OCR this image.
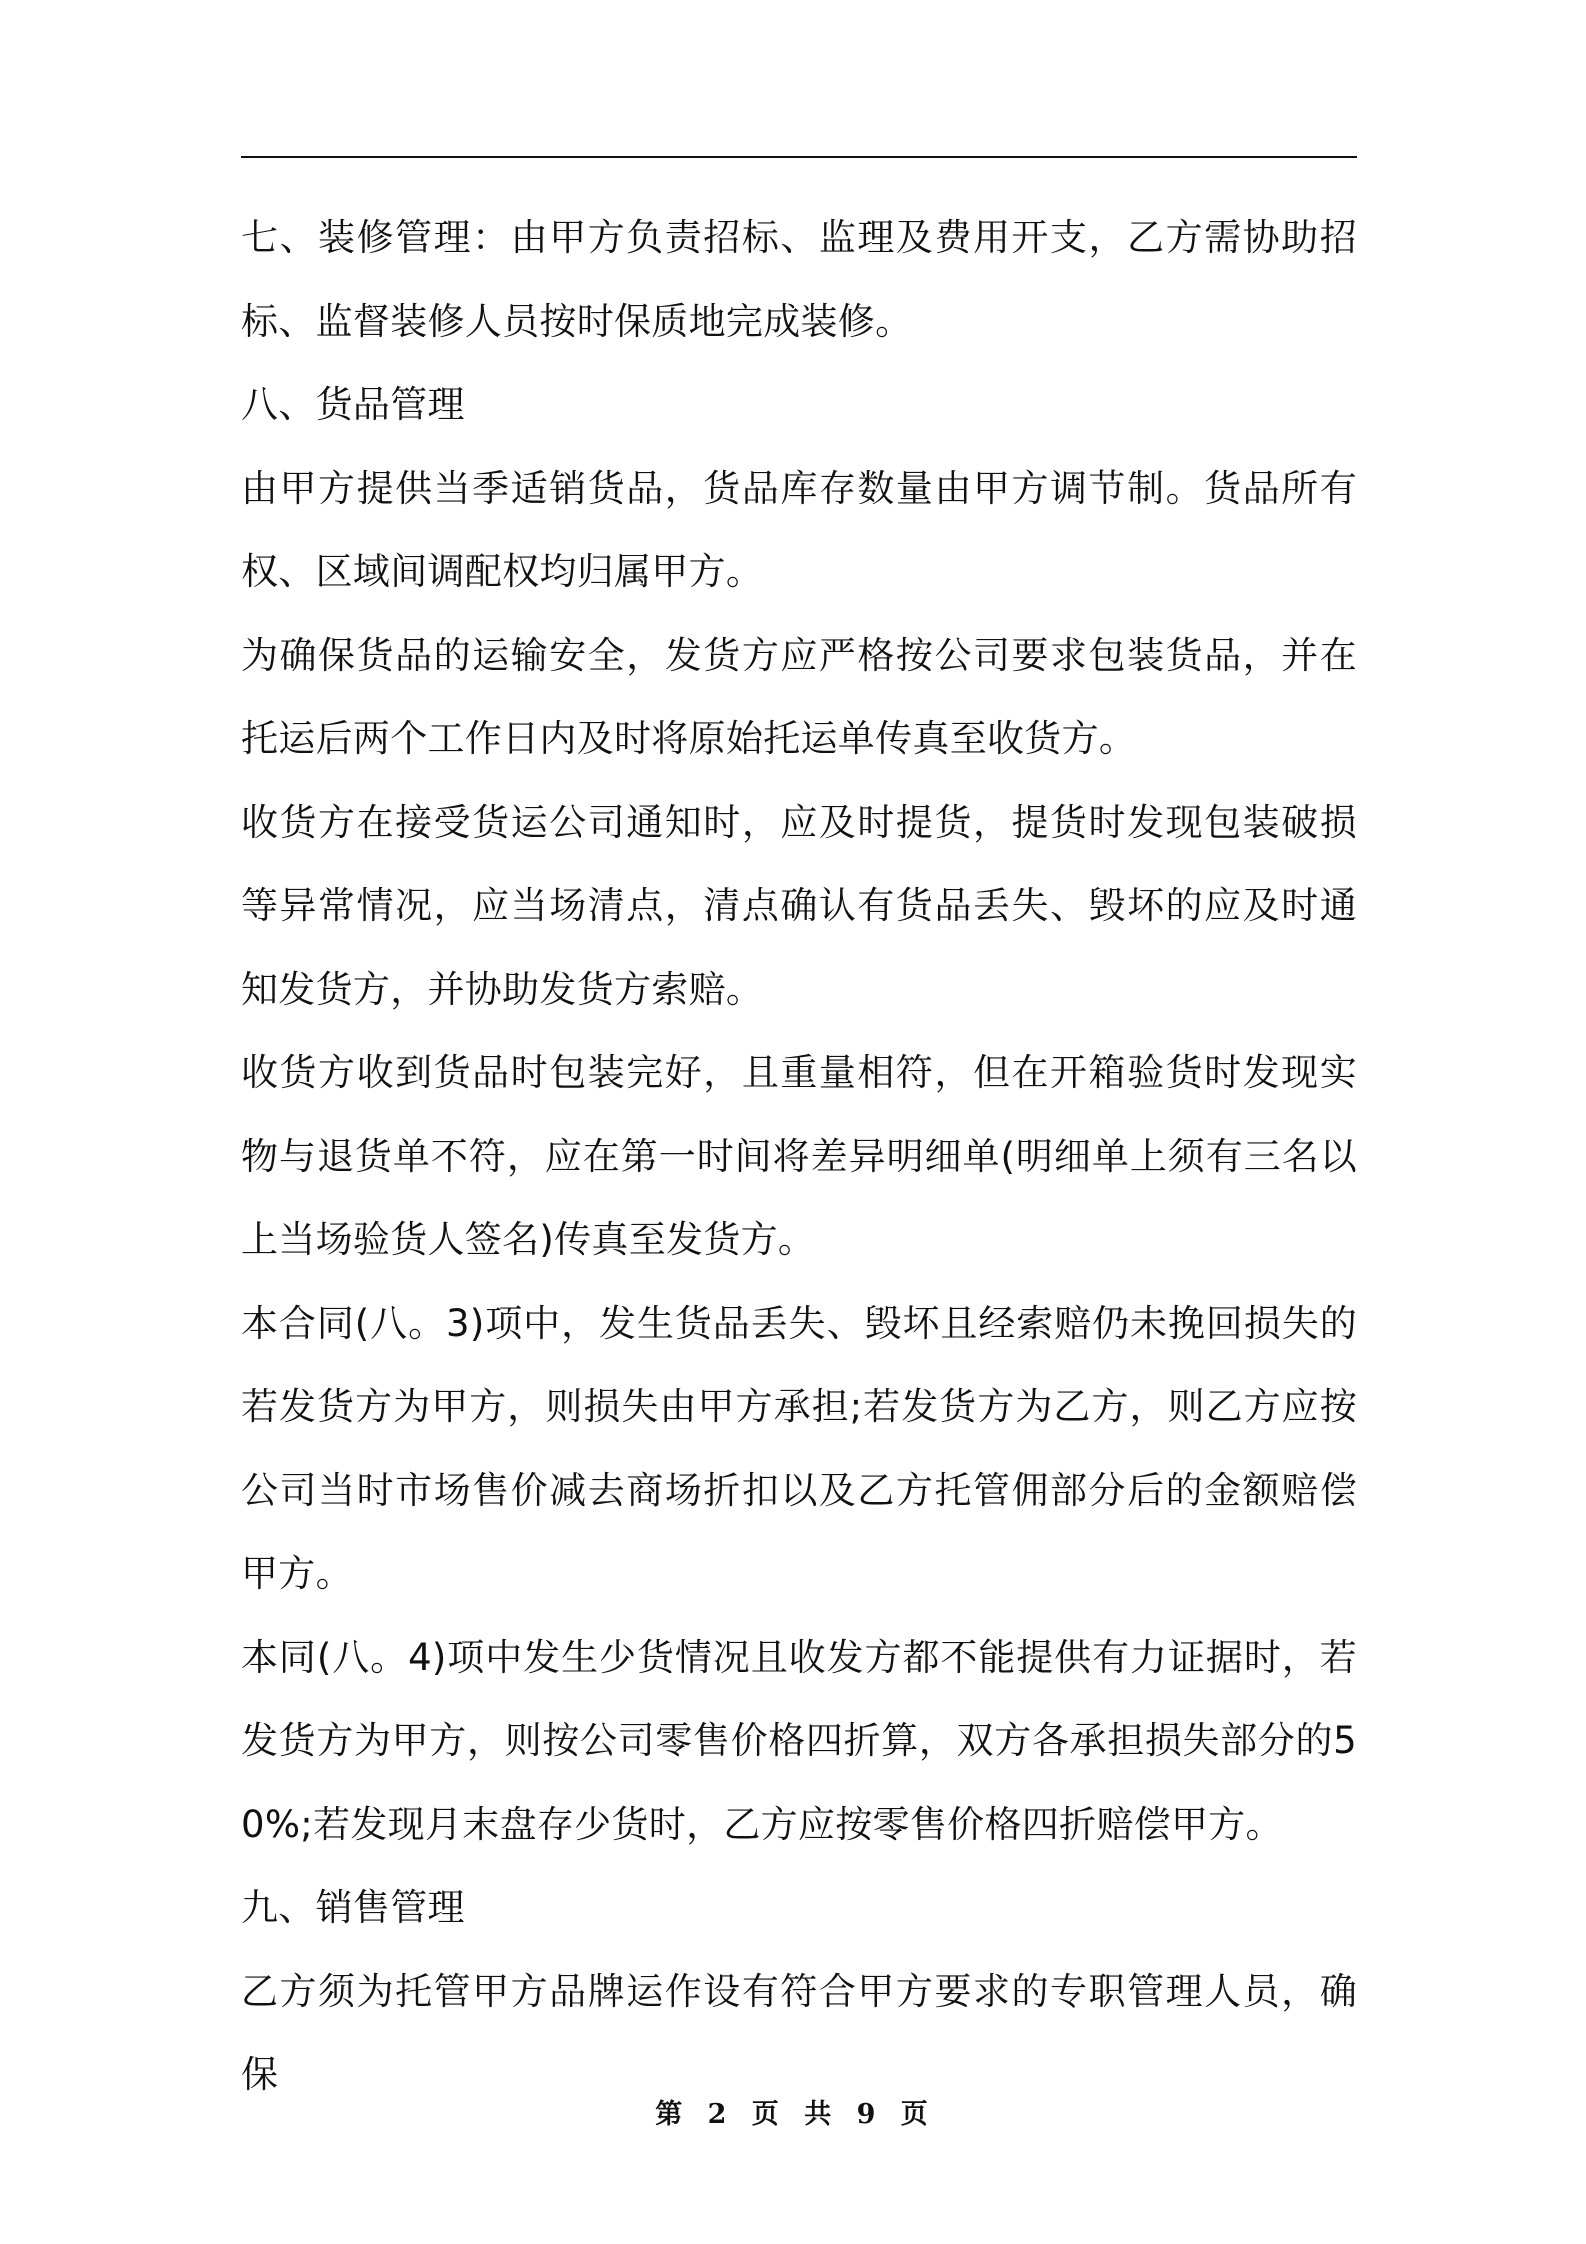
七、装修管理：由甲方负责招标、监理及费用开支，乙方需协助招标、监督装修人员按时保质地完成装修。

八、货品管理

由甲方提供当季适销货品，货品库存数量由甲方调节制。货品所有权、区域间调配权均归属甲方。

为确保货品的运输安全，发货方应严格按公司要求包装货品，并在托运后两个工作日内及时将原始托运单传真至收货方。

收货方在接受货运公司通知时，应及时提货，提货时发现包装破损等异常情况，应当场清点，清点确认有货品丢失、毁坏的应及时通知发货方，并协助发货方索赔。

收货方收到货品时包装完好，且重量相符，但在开箱验货时发现实物与退货单不符，应在第一时间将差异明细单(明细单上须有三名以上当场验货人签名)传真至发货方。

本合同(八。3)项中，发生货品丢失、毁坏且经索赔仍未挽回损失的若发货方为甲方，则损失由甲方承担;若发货方为乙方，则乙方应按公司当时市场售价减去商场折扣以及乙方托管佣部分后的金额赔偿甲方。

本同(八。4)项中发生少货情况且收发方都不能提供有力证据时，若发货方为甲方，则按公司零售价格四折算，双方各承担损失部分的50%;若发现月末盘存少货时，乙方应按零售价格四折赔偿甲方。

九、销售管理

乙方须为托管甲方品牌运作设有符合甲方要求的专职管理人员，确保

第 2 页 共 9 页
